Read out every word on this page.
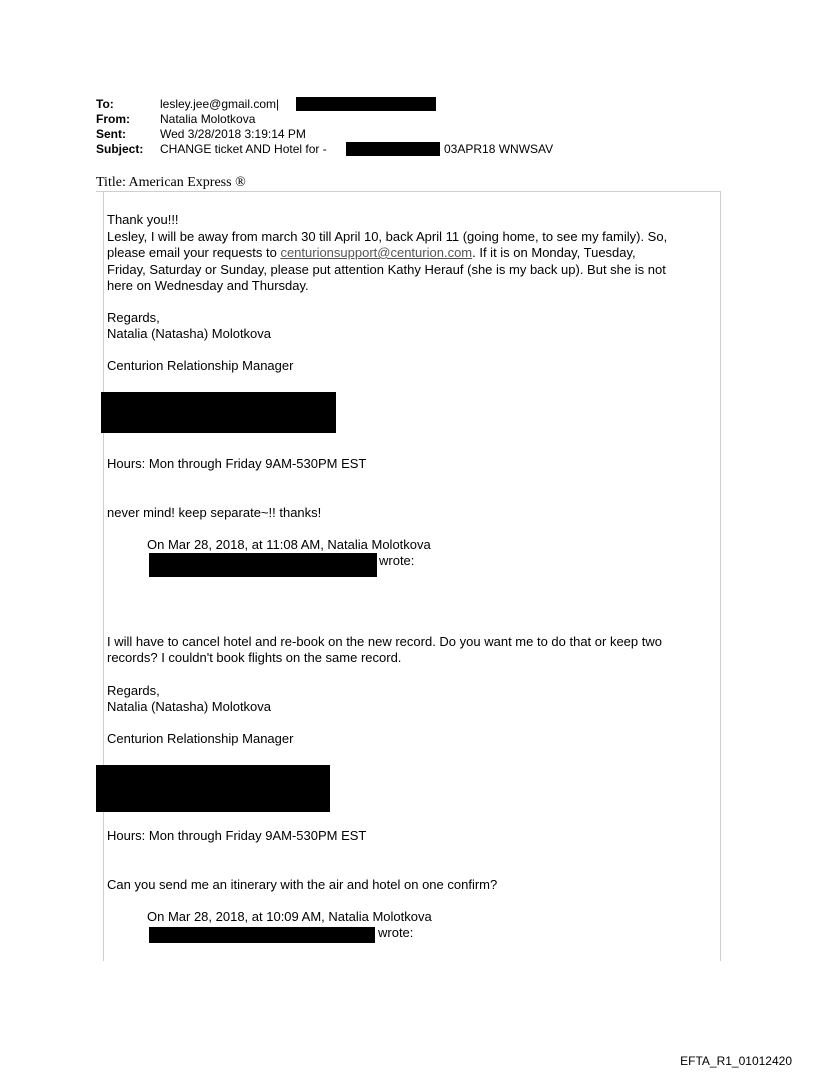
To:	lesley.jee@gmail.com|
From:	Natalia Molotkova
Sent:	Wed 3/28/2018 3:19:14 PM
Subject: CHANGE ticket AND Hotel for -	03APR18 WNWSAV
Title: American Express ®
Thank you!!!
Lesley, I will be away from march 30 till April 10, back April 11 (going home, to see my family). So,
please email your requests to centurionsupport@centurion.com. If it is on Monday, Tuesday,
Friday, Saturday or Sunday, please put attention Kathy Herauf (she is my back up). But she is not
here on Wednesday and Thursday.
Regards,
Natalia (Natasha) Molotkova
Centurion Relationship Manager
Hours: Mon through Friday 9AM-530PM EST
never mind! keep separate~!! thanks!
On Mar 28, 2018, at 11:08 AM, Natalia Molotkova
wrote:
I will have to cancel hotel and re-book on the new record. Do you want me to do that or keep two
records? I couldn't book flights on the same record.
Regards,
Natalia (Natasha) Molotkova
Centurion Relationship Manager
Hours: Mon through Friday 9AM-530PM EST
Can you send me an itinerary with the air and hotel on one confirm?
On Mar 28, 2018, at 10:09 AM, Natalia Molotkova
wrote:
EFTA_R1_01012420
